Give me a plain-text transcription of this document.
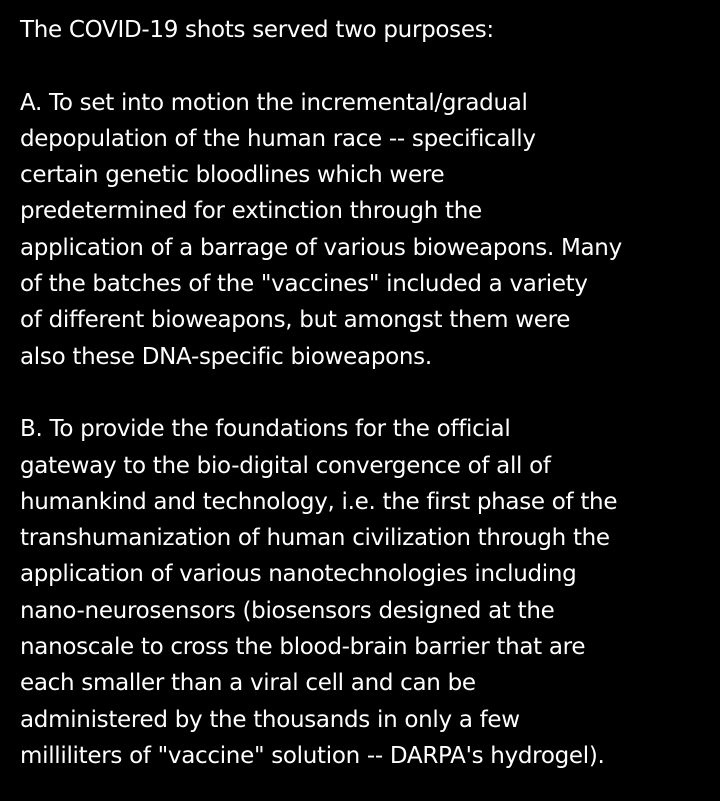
The COVID-19 shots served two purposes:
A. To set into motion the incremental/gradual
depopulation of the human race -- specifically
certain genetic bloodlines which were
predetermined for extinction through the
application of a barrage of various bioweapons. Many
of the batches of the "vaccines" included a variety
of different bioweapons, but amongst them were
also these DNA-specific bioweapons.
B. To provide the foundations for the official
gateway to the bio-digital convergence of all of
humankind and technology, i.e. the first phase of the
transhumanization of human civilization through the
application of various nanotechnologies including
nano-neurosensors (biosensors designed at the
nanoscale to cross the blood-brain barrier that are
each smaller than a viral cell and can be
administered by the thousands in only a few
milliliters of "vaccine" solution -- DARPA's hydrogel).
